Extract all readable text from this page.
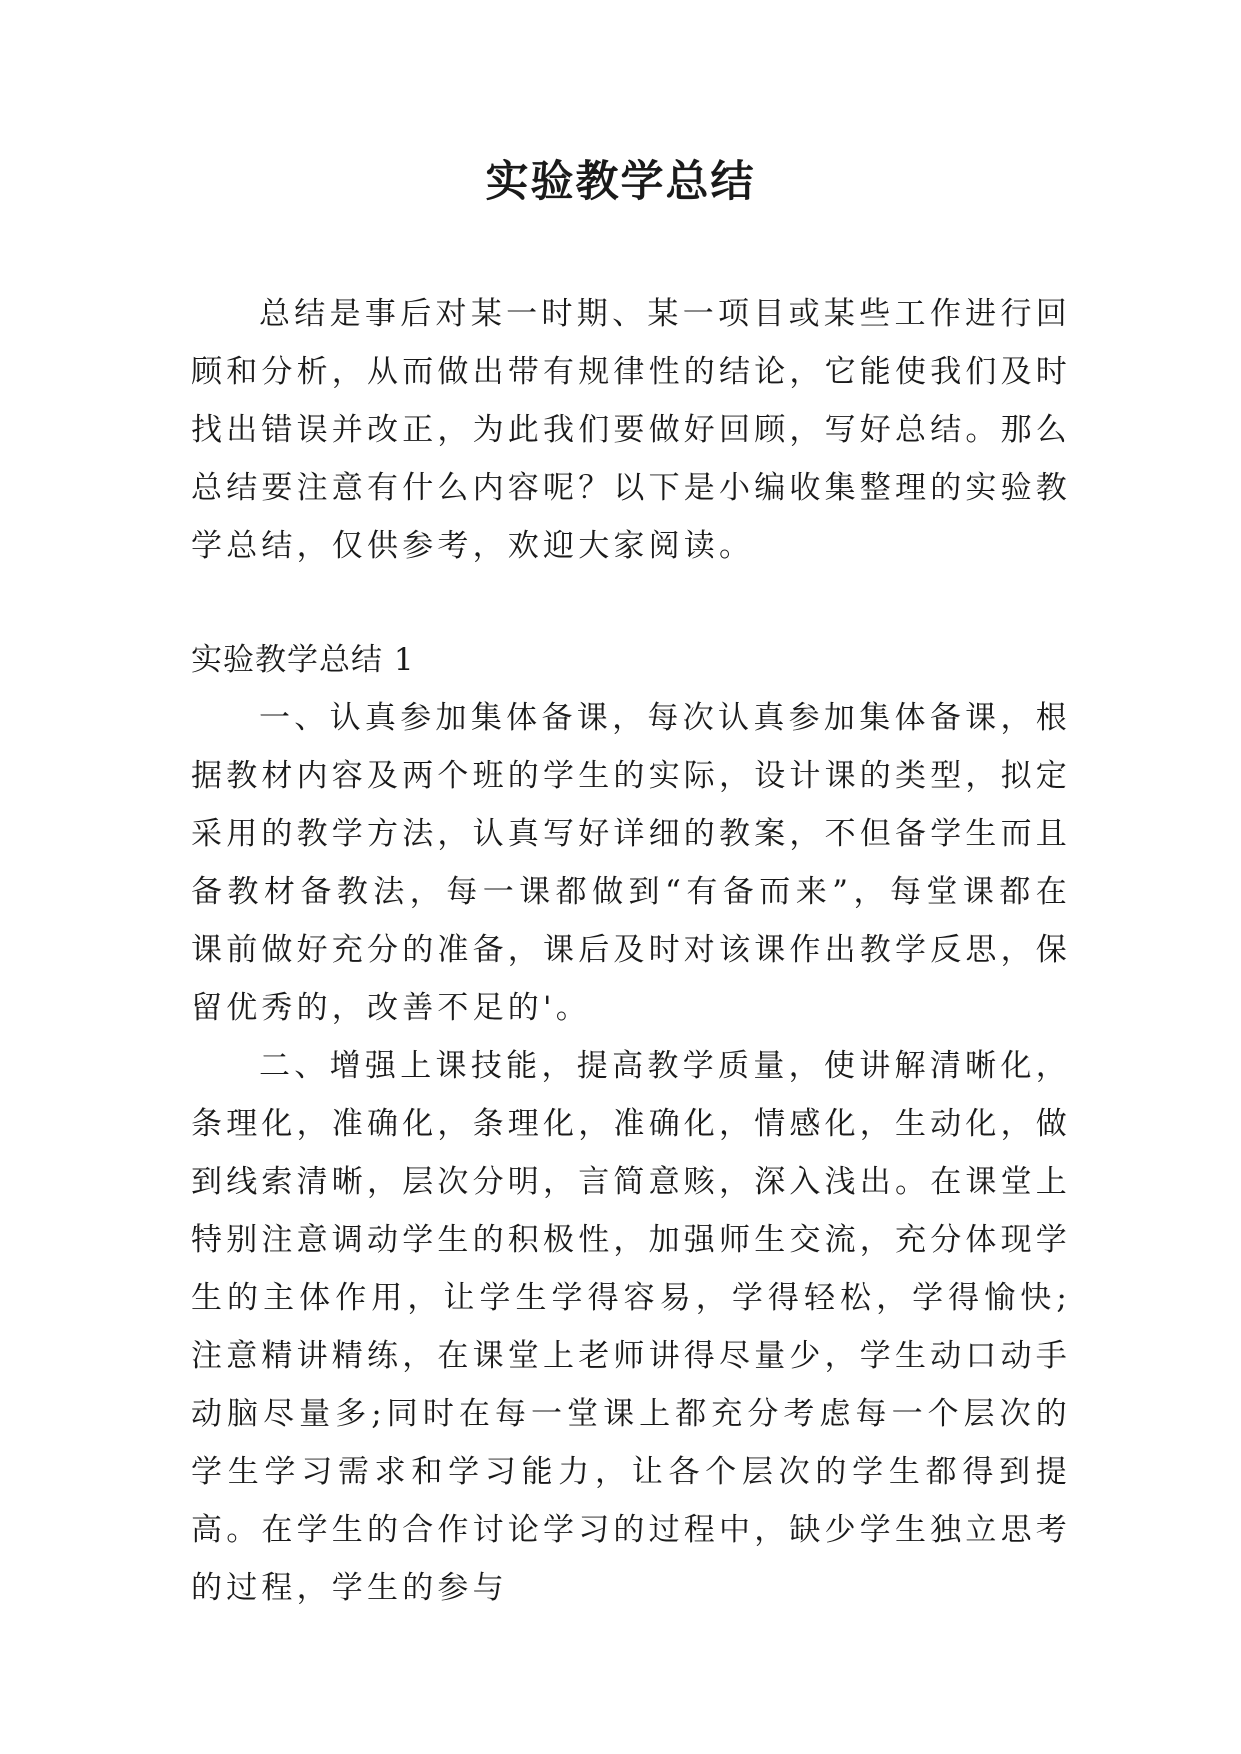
实验教学总结

总结是事后对某一时期、某一项目或某些工作进行回顾和分析，从而做出带有规律性的结论，它能使我们及时找出错误并改正，为此我们要做好回顾，写好总结。那么总结要注意有什么内容呢？以下是小编收集整理的实验教学总结，仅供参考，欢迎大家阅读。

实验教学总结 1

一、认真参加集体备课，每次认真参加集体备课，根据教材内容及两个班的学生的实际，设计课的类型，拟定采用的教学方法，认真写好详细的教案，不但备学生而且备教材备教法，每一课都做到“有备而来”，每堂课都在课前做好充分的准备，课后及时对该课作出教学反思，保留优秀的，改善不足的'。

二、增强上课技能，提高教学质量，使讲解清晰化，条理化，准确化，条理化，准确化，情感化，生动化，做到线索清晰，层次分明，言简意赅，深入浅出。在课堂上特别注意调动学生的积极性，加强师生交流，充分体现学生的主体作用，让学生学得容易，学得轻松，学得愉快;注意精讲精练，在课堂上老师讲得尽量少，学生动口动手动脑尽量多;同时在每一堂课上都充分考虑每一个层次的学生学习需求和学习能力，让各个层次的学生都得到提高。在学生的合作讨论学习的过程中，缺少学生独立思考的过程，学生的参与
